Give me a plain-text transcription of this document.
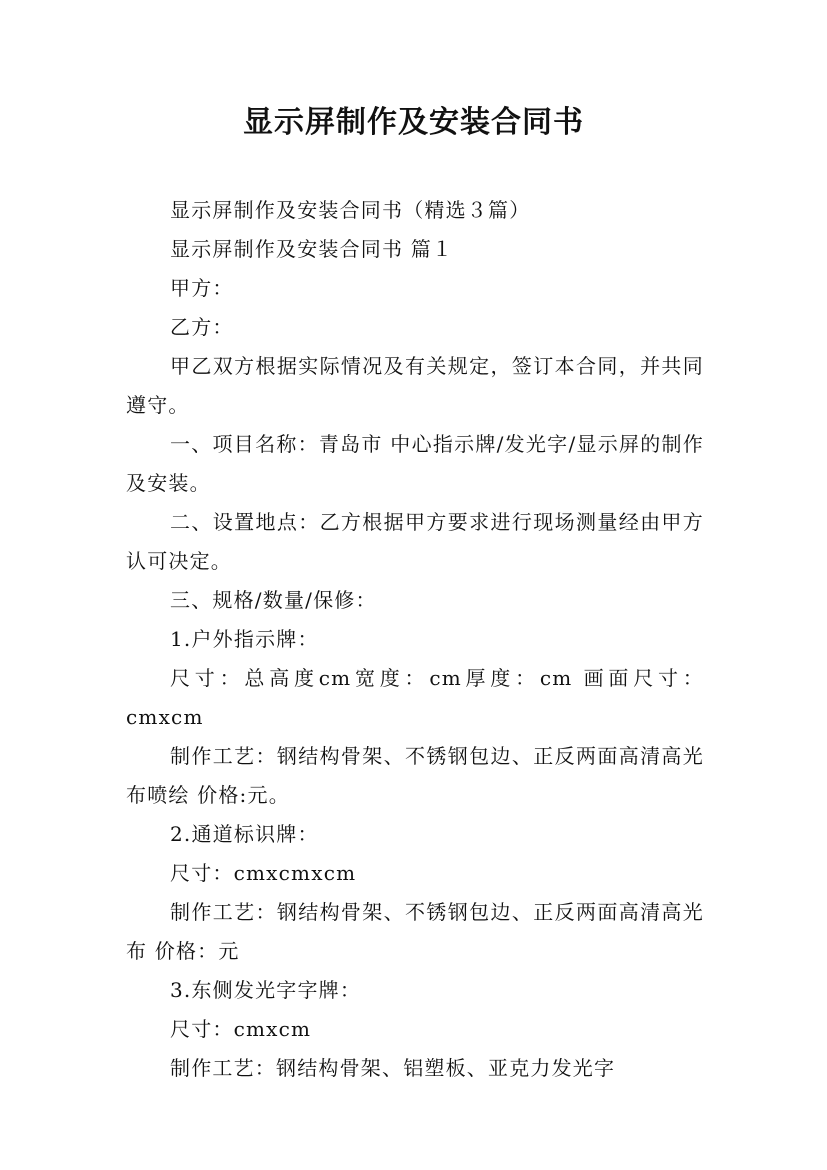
显示屏制作及安装合同书

显示屏制作及安装合同书（精选３篇）

显示屏制作及安装合同书 篇１

甲方：

乙方：

甲乙双方根据实际情况及有关规定，签订本合同，并共同遵守。

一、项目名称：青岛市 中心指示牌/发光字/显示屏的制作及安装。

二、设置地点：乙方根据甲方要求进行现场测量经由甲方认可决定。

三、规格/数量/保修：

1.户外指示牌：

尺寸：总高度cm宽度：cm厚度：cm 画面尺寸：cmxcm

制作工艺：钢结构骨架、不锈钢包边、正反两面高清高光布喷绘 价格:元。

2.通道标识牌：

尺寸：cmxcmxcm

制作工艺：钢结构骨架、不锈钢包边、正反两面高清高光布 价格：元

3.东侧发光字字牌：

尺寸：cmxcm

制作工艺：钢结构骨架、铝塑板、亚克力发光字
